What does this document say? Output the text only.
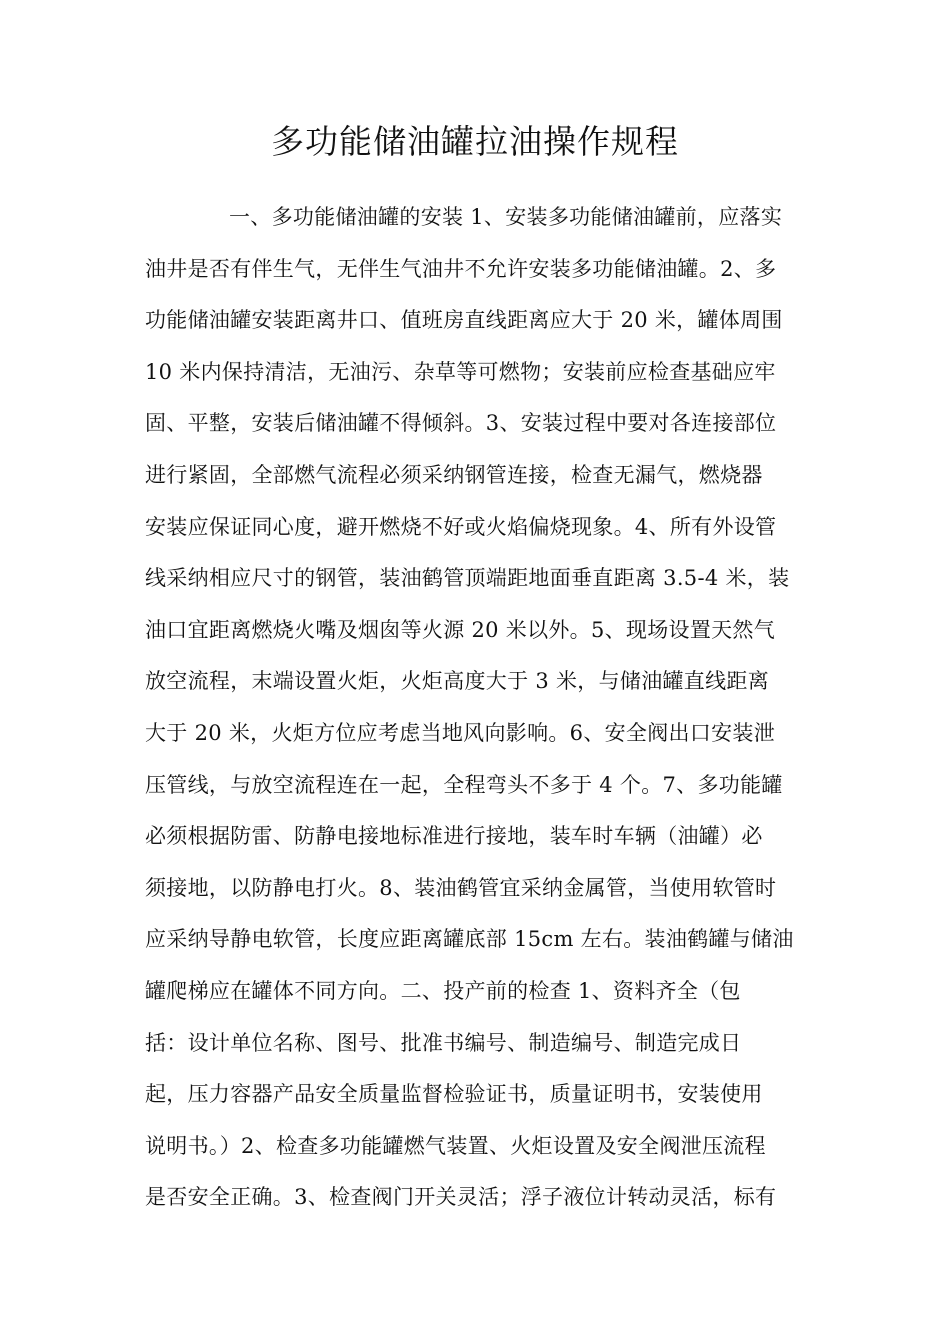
多功能储油罐拉油操作规程
一、多功能储油罐的安装 1、安装多功能储油罐前，应落实
油井是否有伴生气，无伴生气油井不允许安装多功能储油罐。2、多
功能储油罐安装距离井口、值班房直线距离应大于 20 米，罐体周围
10 米内保持清洁，无油污、杂草等可燃物；安装前应检查基础应牢
固、平整，安装后储油罐不得倾斜。3、安装过程中要对各连接部位
进行紧固，全部燃气流程必须采纳钢管连接，检查无漏气，燃烧器
安装应保证同心度，避开燃烧不好或火焰偏烧现象。4、所有外设管
线采纳相应尺寸的钢管，装油鹤管顶端距地面垂直距离 3.5-4 米，装
油口宜距离燃烧火嘴及烟囱等火源 20 米以外。5、现场设置天然气
放空流程，末端设置火炬，火炬高度大于 3 米，与储油罐直线距离
大于 20 米，火炬方位应考虑当地风向影响。6、安全阀出口安装泄
压管线，与放空流程连在一起，全程弯头不多于 4 个。7、多功能罐
必须根据防雷、防静电接地标准进行接地，装车时车辆（油罐）必
须接地，以防静电打火。8、装油鹤管宜采纳金属管，当使用软管时
应采纳导静电软管，长度应距离罐底部 15cm 左右。装油鹤罐与储油
罐爬梯应在罐体不同方向。二、投产前的检查 1、资料齐全（包
括：设计单位名称、图号、批准书编号、制造编号、制造完成日
起，压力容器产品安全质量监督检验证书，质量证明书，安装使用
说明书。）2、检查多功能罐燃气装置、火炬设置及安全阀泄压流程
是否安全正确。3、检查阀门开关灵活；浮子液位计转动灵活，标有
